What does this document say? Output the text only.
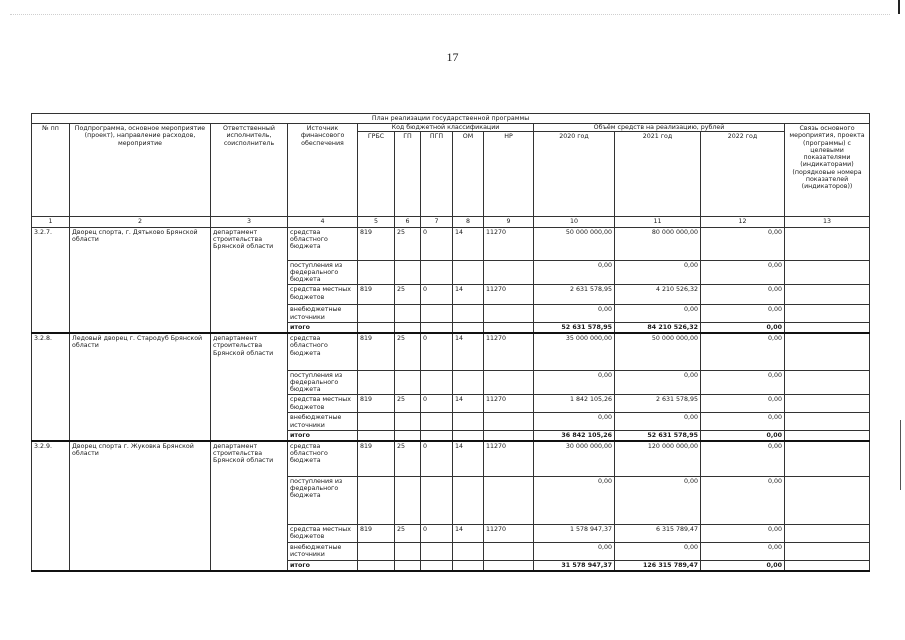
17
План реализации государственной программы												
№ пп	Подпрограмма, основное мероприятие (проект), направление расходов, мероприятие	Ответственный исполнитель, соисполнитель	Источник финансового обеспечения	Код бюджетной классификации					Объём средств на реализацию, рублей			Связь основного мероприятия, проекта (программы) с целевыми показателями (индикаторами) (порядковые номера показателей (индикаторов))
				ГРБС	ГП	ПГП	ОМ	НР	2020 год	2021 год	2022 год	
1	2	3	4	5	6	7	8	9	10	11	12	13
3.2.7.	Дворец спорта, г. Дятьково Брянской области	департамент строительства Брянской области	средства областного бюджета	819	25	0	14	11270	50 000 000,00	80 000 000,00	0,00	
			поступления из федерального бюджета						0,00	0,00	0,00	
			средства местных бюджетов	819	25	0	14	11270	2 631 578,95	4 210 526,32	0,00	
			внебюджетные источники						0,00	0,00	0,00	
			итого						52 631 578,95	84 210 526,32	0,00	
3.2.8.	Ледовый дворец г. Стародуб Брянской области	департамент строительства Брянской области	средства областного бюджета	819	25	0	14	11270	35 000 000,00	50 000 000,00	0,00	
			поступления из федерального бюджета						0,00	0,00	0,00	
			средства местных бюджетов	819	25	0	14	11270	1 842 105,26	2 631 578,95	0,00	
			внебюджетные источники						0,00	0,00	0,00	
			итого						36 842 105,26	52 631 578,95	0,00	
3.2.9.	Дворец спорта г. Жуковка Брянской области	департамент строительства Брянской области	средства областного бюджета	819	25	0	14	11270	30 000 000,00	120 000 000,00	0,00	
			поступления из федерального бюджета						0,00	0,00	0,00	
			средства местных бюджетов	819	25	0	14	11270	1 578 947,37	6 315 789,47	0,00	
			внебюджетные источники						0,00	0,00	0,00	
			итого						31 578 947,37	126 315 789,47	0,00	
